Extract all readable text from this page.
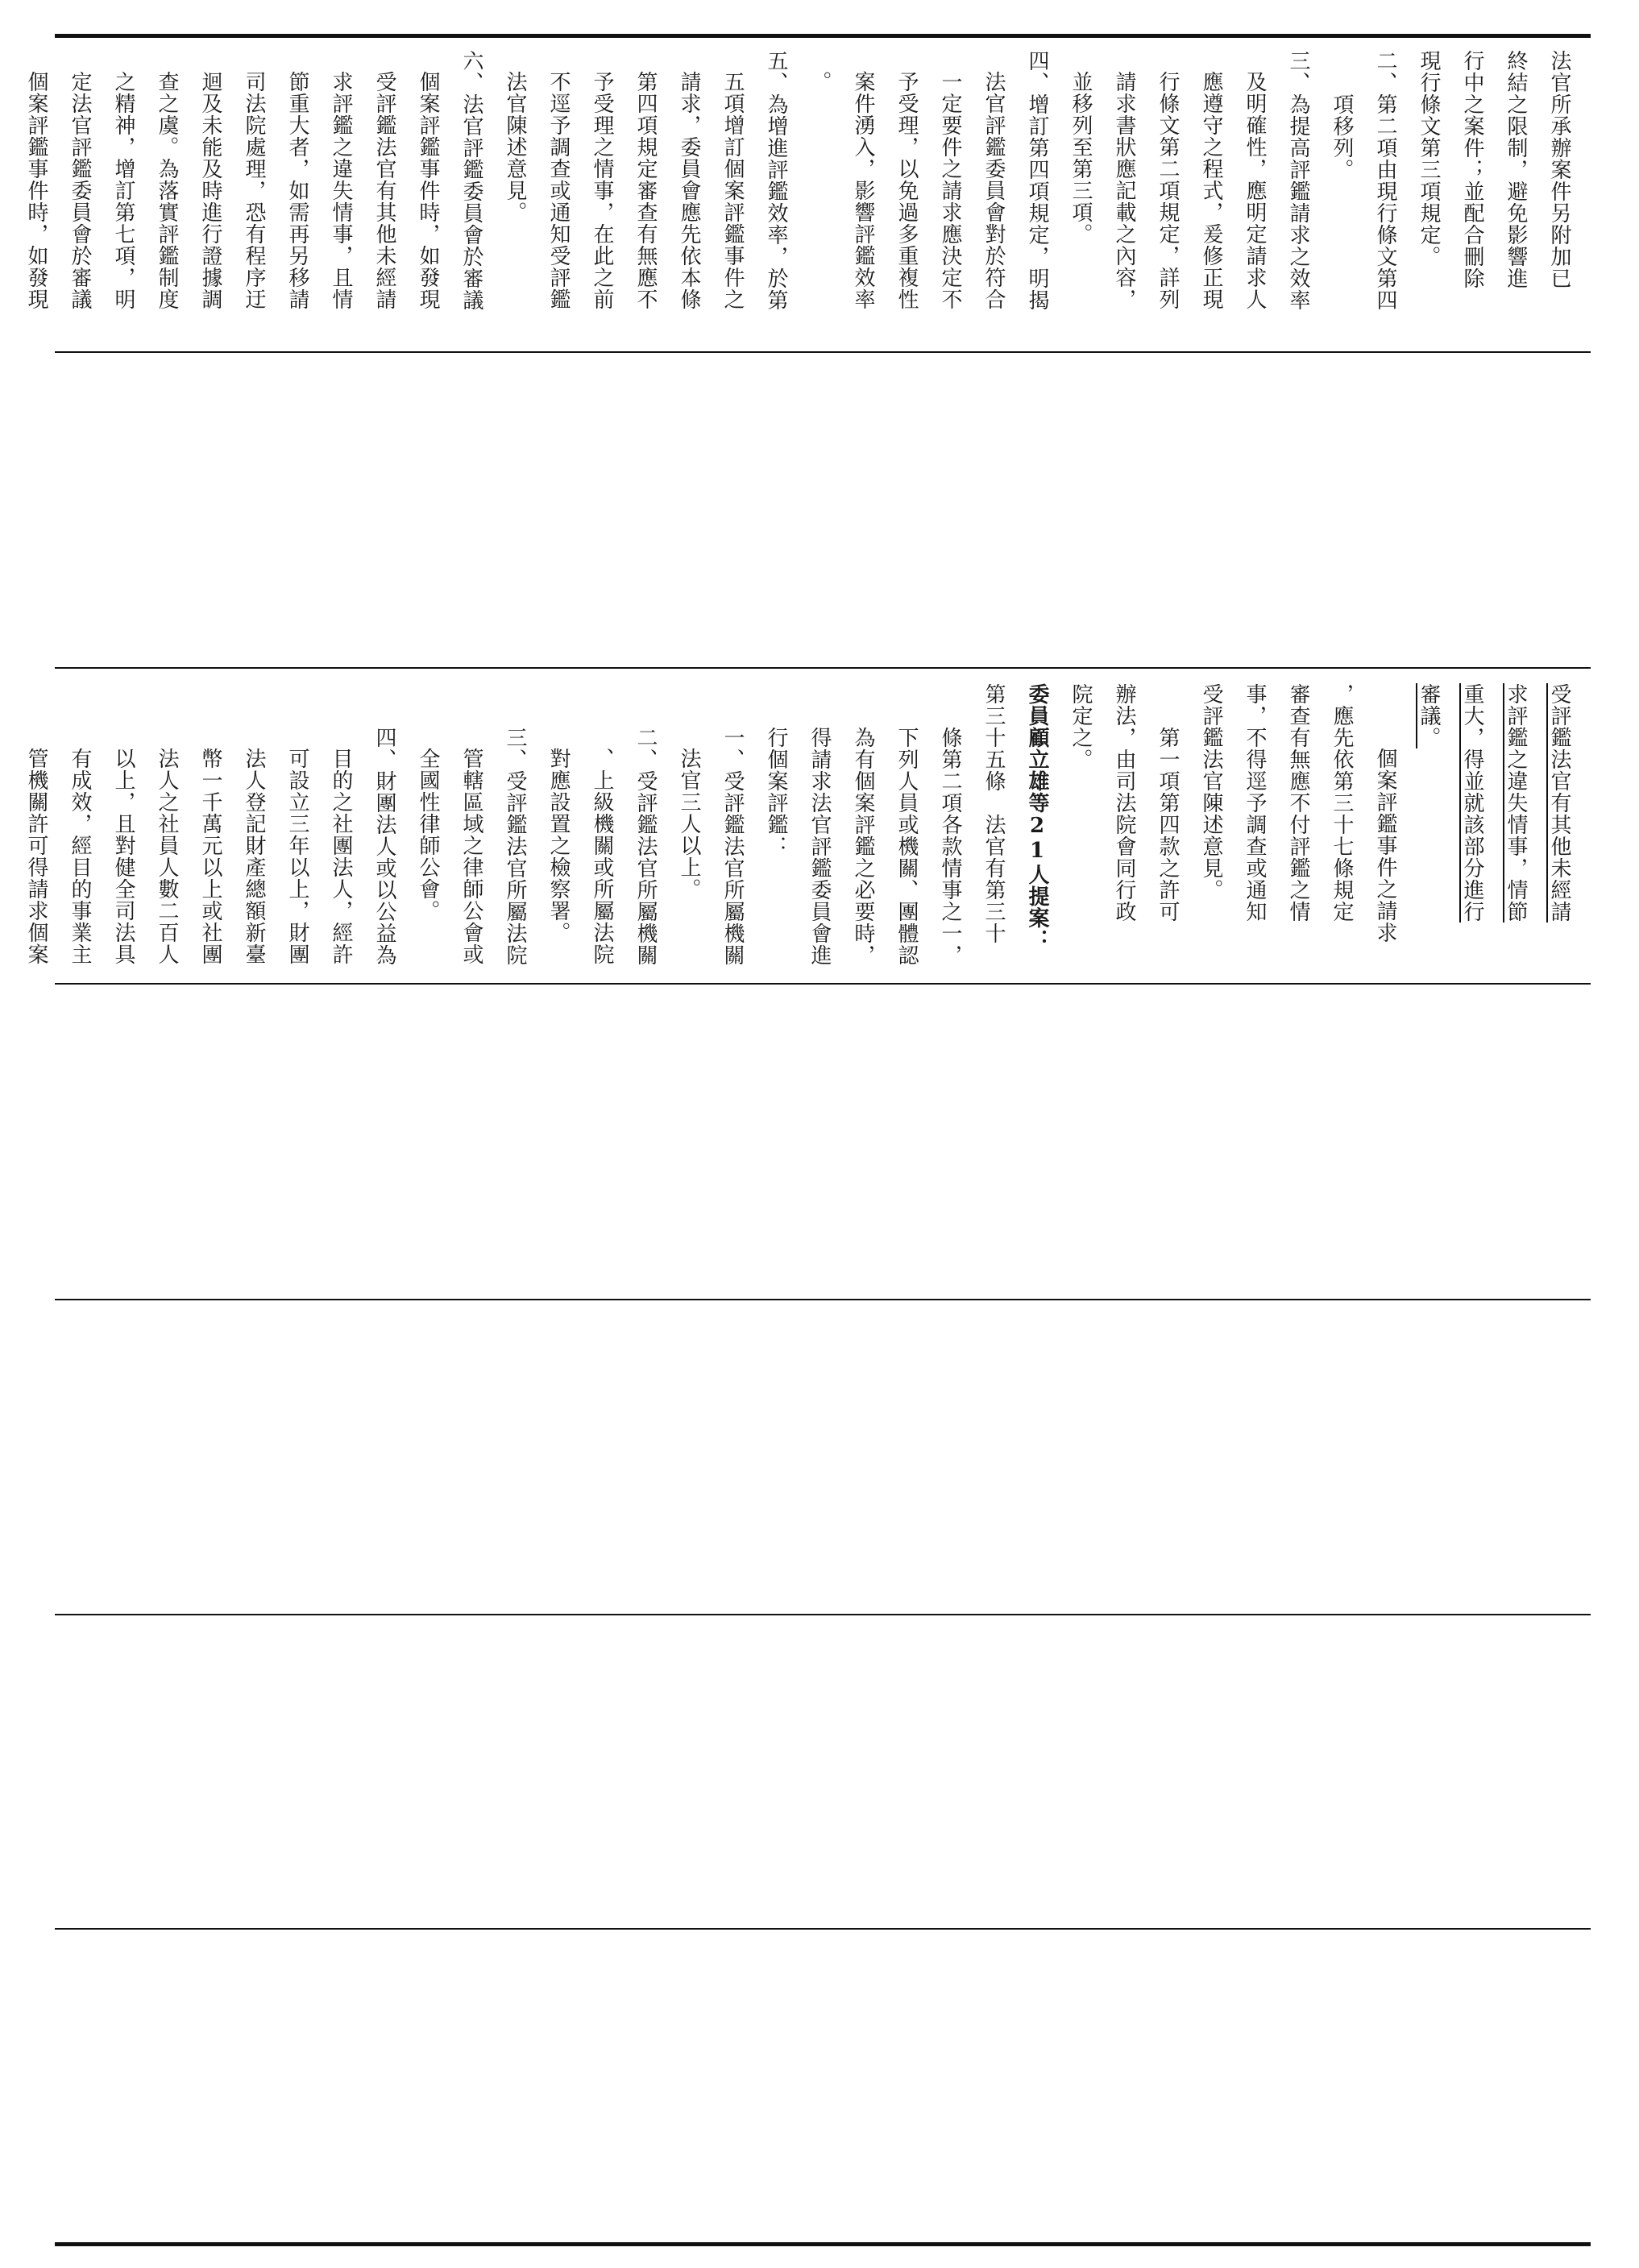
法官所承辦案件另附加已
終結之限制，避免影響進
行中之案件；並配合刪除
現行條文第三項規定。
二、第二項由現行條文第四
項移列。
三、為提高評鑑請求之效率
及明確性，應明定請求人
應遵守之程式，爰修正現
行條文第二項規定，詳列
請求書狀應記載之內容，
並移列至第三項。
四、增訂第四項規定，明揭
法官評鑑委員會對於符合
一定要件之請求應決定不
予受理，以免過多重複性
案件湧入，影響評鑑效率
。
五、為增進評鑑效率，於第
五項增訂個案評鑑事件之
請求，委員會應先依本條
第四項規定審查有無應不
予受理之情事，在此之前
不逕予調查或通知受評鑑
法官陳述意見。
六、法官評鑑委員會於審議
個案評鑑事件時，如發現
受評鑑法官有其他未經請
求評鑑之違失情事，且情
節重大者，如需再另移請
司法院處理，恐有程序迂
迴及未能及時進行證據調
查之虞。為落實評鑑制度
之精神，增訂第七項，明
定法官評鑑委員會於審議
個案評鑑事件時，如發現
受評鑑法官有其他未經請
求評鑑之違失情事，情節
重大，得並就該部分進行
審議。
個案評鑑事件之請求
，應先依第三十七條規定
審查有無應不付評鑑之情
事，不得逕予調查或通知
受評鑑法官陳述意見。
第一項第四款之許可
辦法，由司法院會同行政
院定之。
委員顧立雄等21人提案：
第三十五條　法官有第三十
條第二項各款情事之一，
下列人員或機關、團體認
為有個案評鑑之必要時，
得請求法官評鑑委員會進
行個案評鑑：
一、受評鑑法官所屬機關
法官三人以上。
二、受評鑑法官所屬機關
、上級機關或所屬法院
對應設置之檢察署。
三、受評鑑法官所屬法院
管轄區域之律師公會或
全國性律師公會。
四、財團法人或以公益為
目的之社團法人，經許
可設立三年以上，財團
法人登記財產總額新臺
幣一千萬元以上或社團
法人之社員人數二百人
以上，且對健全司法具
有成效，經目的事業主
管機關許可得請求個案
